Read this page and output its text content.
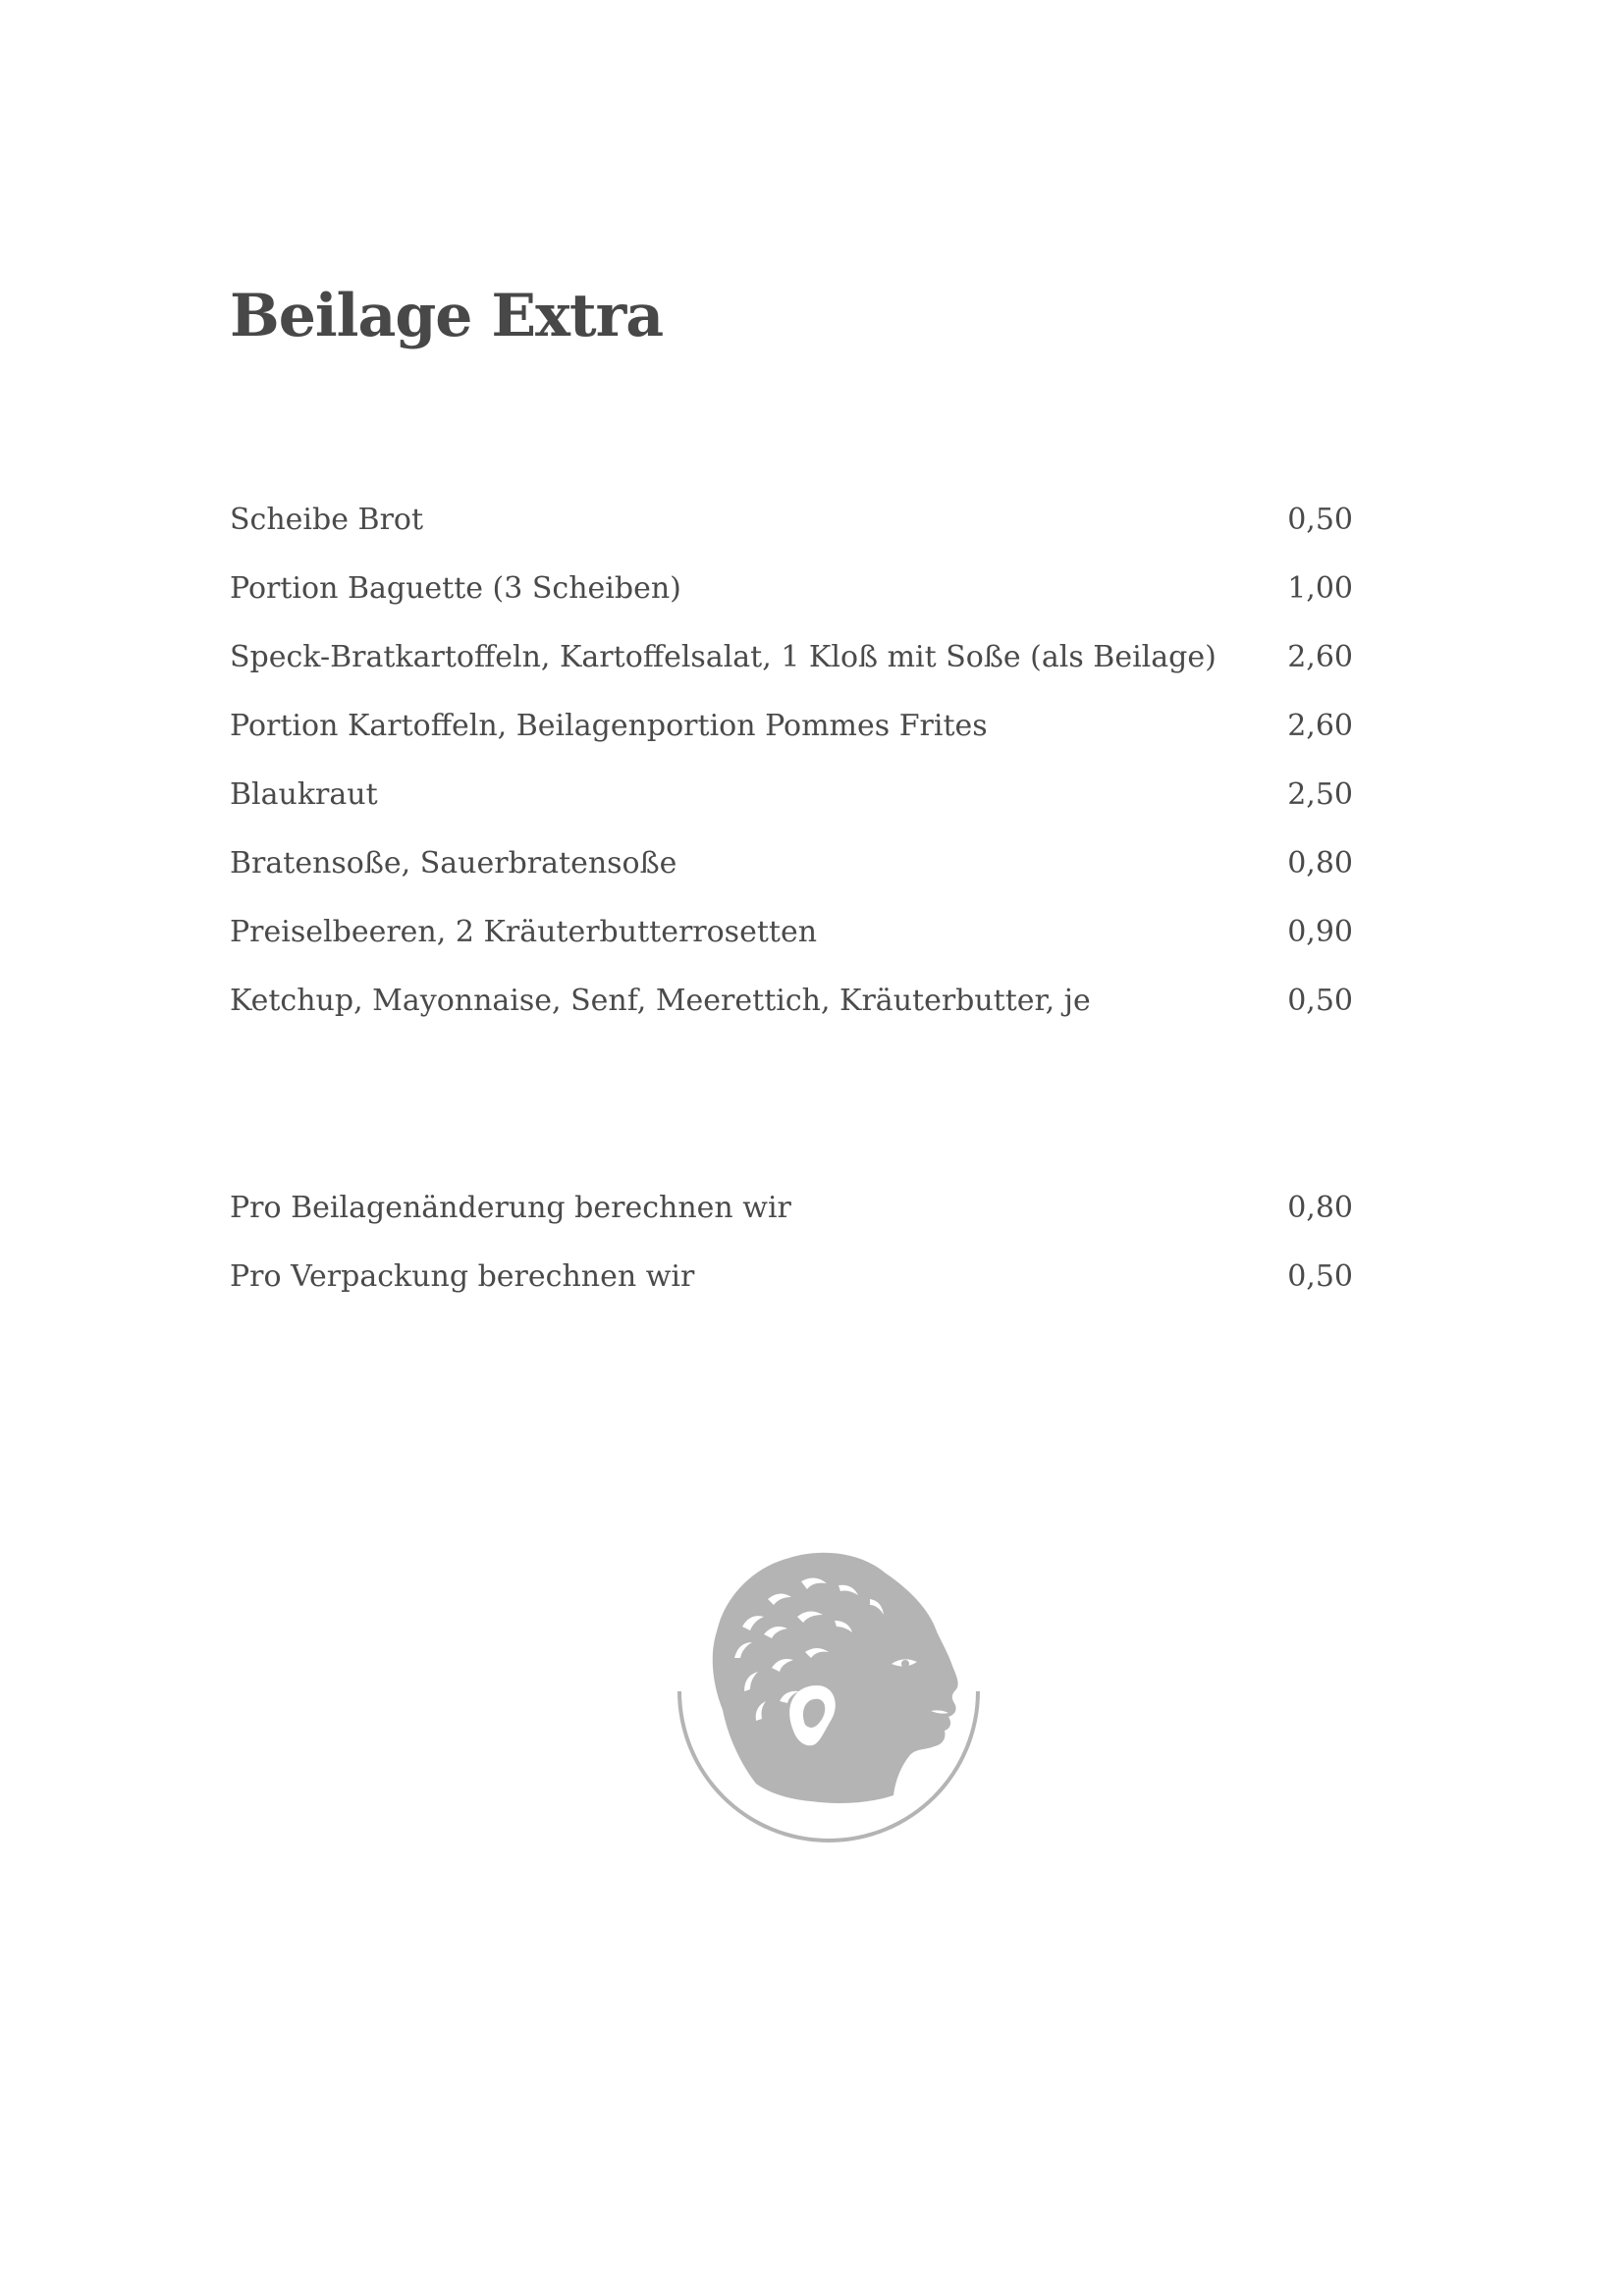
Beilage Extra
Scheibe Brot	0,50
Portion Baguette (3 Scheiben)	1,00
Speck-Bratkartoffeln, Kartoffelsalat, 1 Kloß mit Soße (als Beilage) 2,60
Portion Kartoffeln, Beilagenportion Pommes Frites	2,60
Blaukraut	2,50
Bratensoße, Sauerbratensoße	0,80
Preiselbeeren, 2 Kräuterbutterrosetten	0,90
Ketchup, Mayonnaise, Senf, Meerettich, Kräuterbutter, je	0,50
Pro Beilagenänderung berechnen wir	0,80
Pro Verpackung berechnen wir	0,50
